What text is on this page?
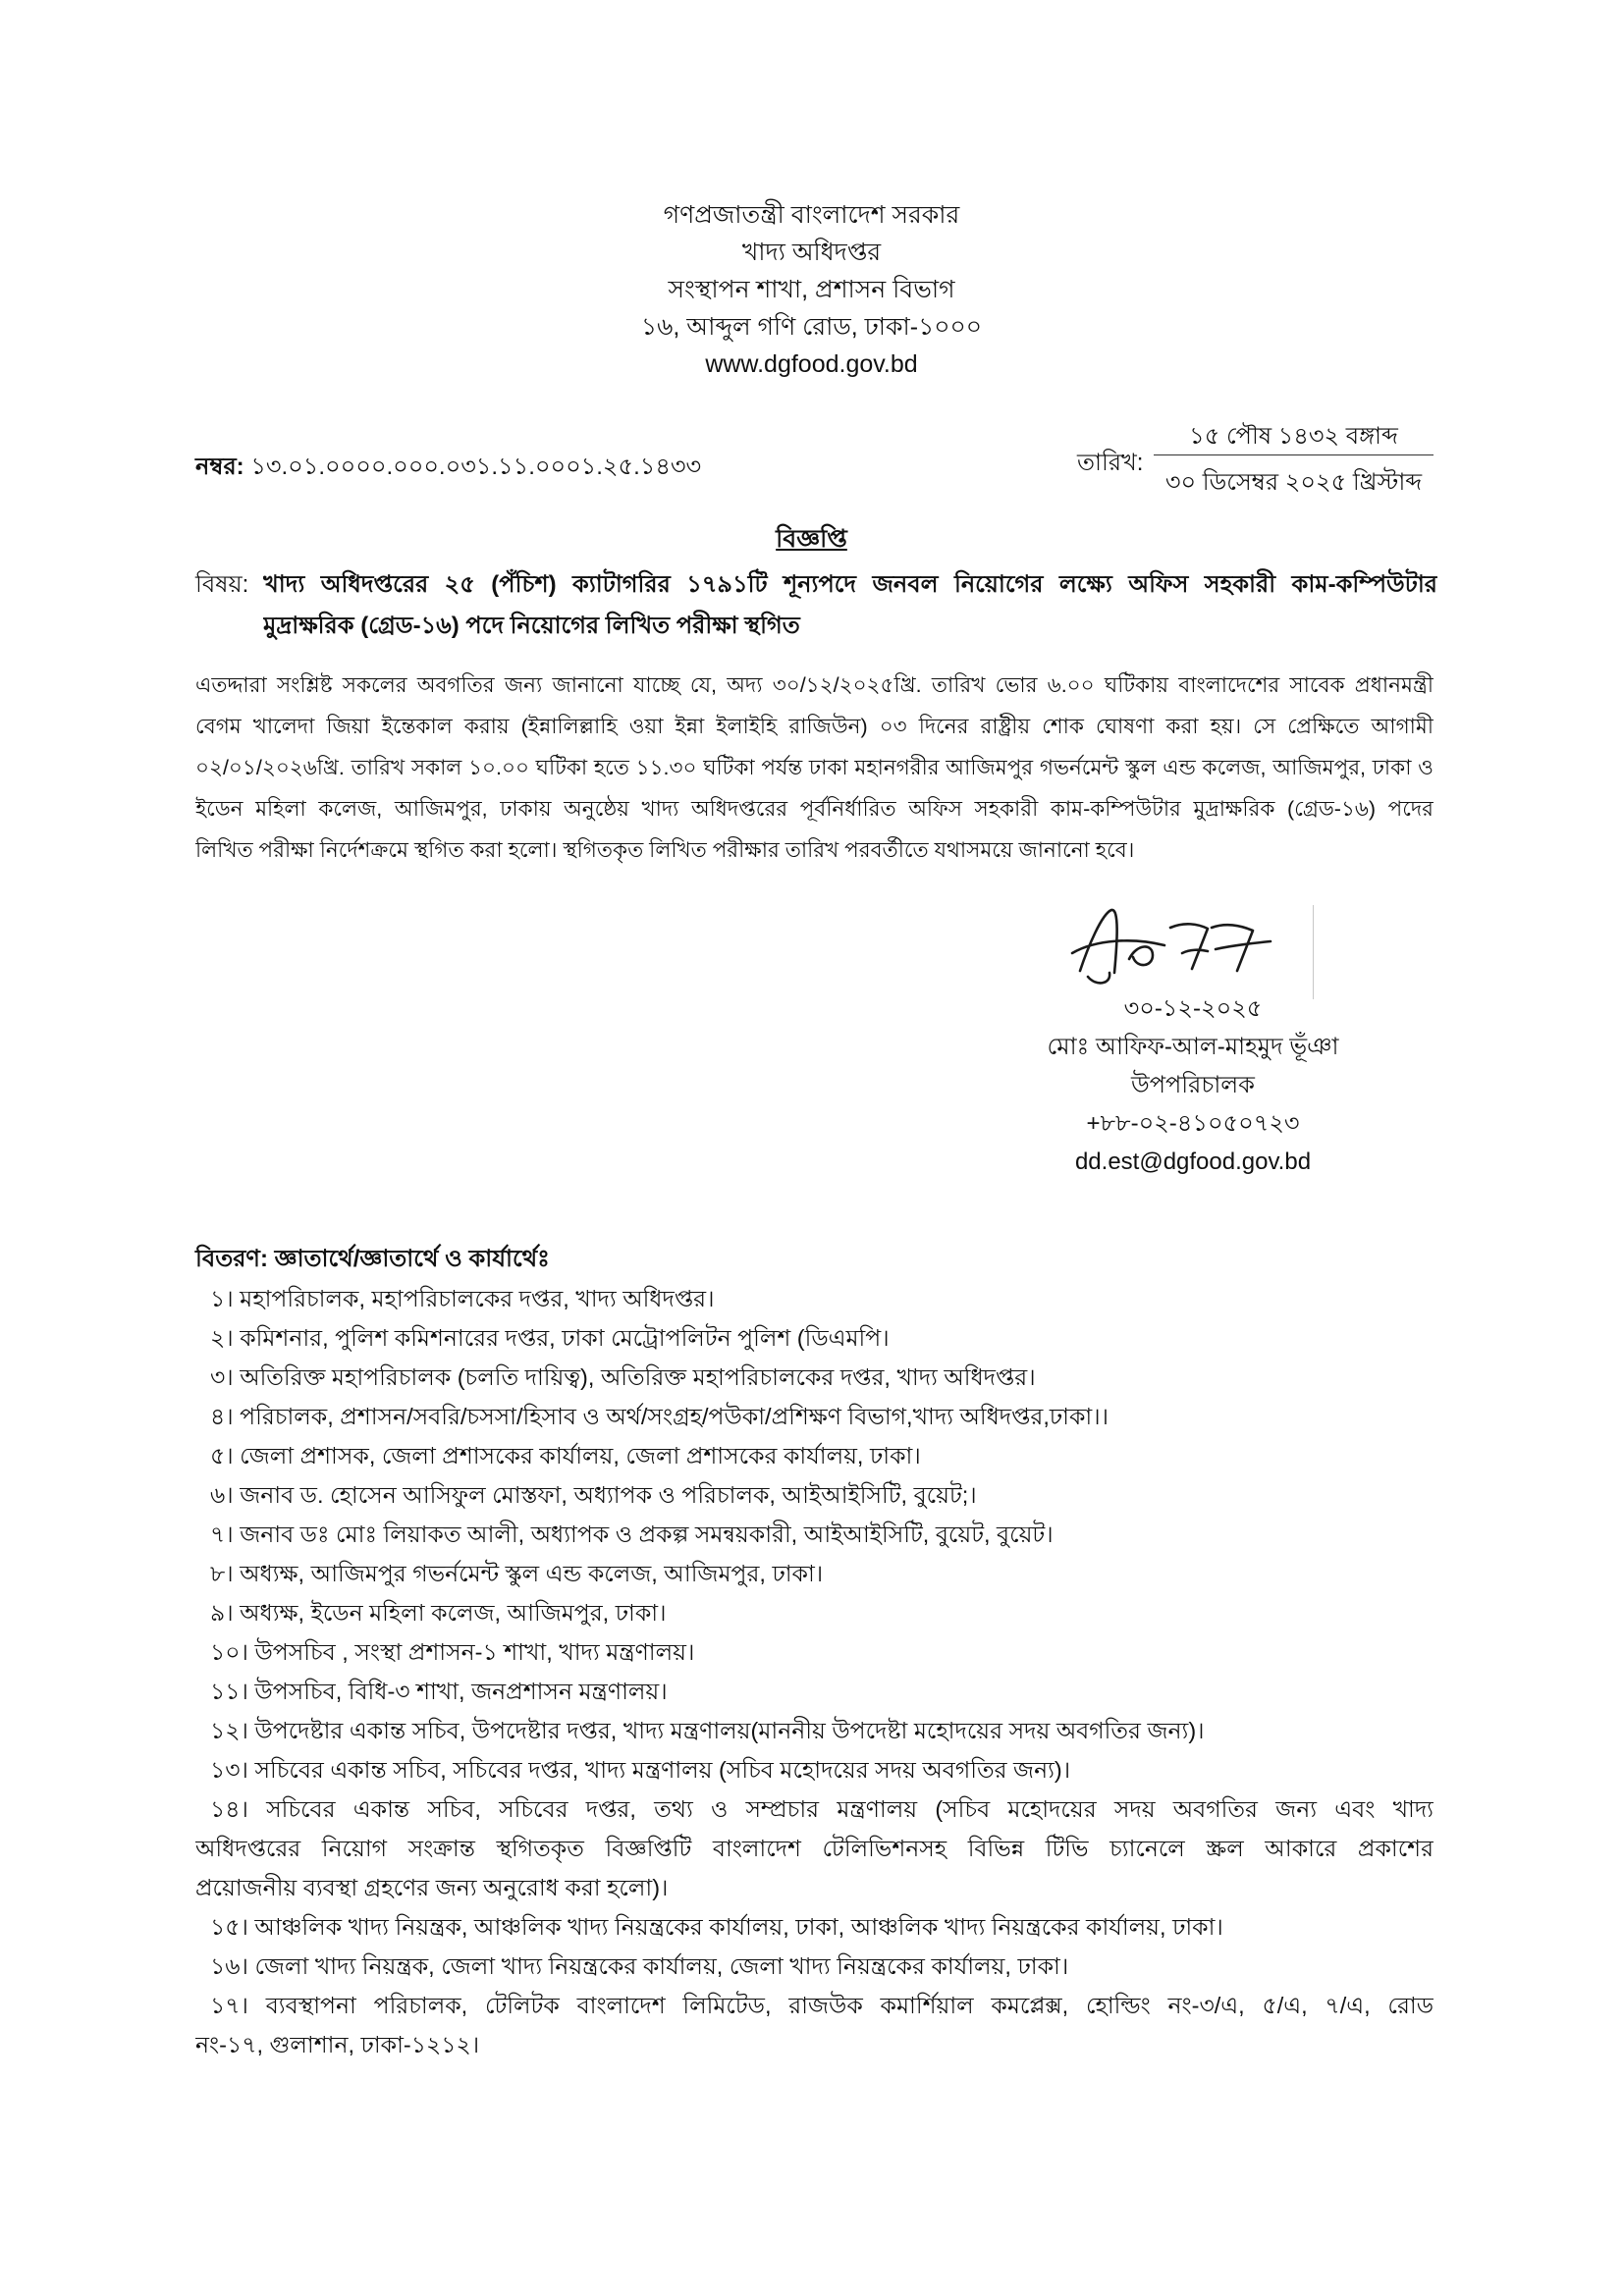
গণপ্রজাতন্ত্রী বাংলাদেশ সরকার
খাদ্য অধিদপ্তর
সংস্থাপন শাখা, প্রশাসন বিভাগ
১৬, আব্দুল গণি রোড, ঢাকা-১০০০
www.dgfood.gov.bd
নম্বর: ১৩.০১.০০০০.০০০.০৩১.১১.০০০১.২৫.১৪৩৩	তারিখ:
১৫ পৌষ ১৪৩২ বঙ্গাব্দ
৩০ ডিসেম্বর ২০২৫ খ্রিস্টাব্দ
বিজ্ঞপ্তি
বিষয়: খাদ্য অধিদপ্তরের ২৫ (পঁচিশ) ক্যাটাগরির ১৭৯১টি শূন্যপদে জনবল নিয়োগের লক্ষ্যে অফিস সহকারী কাম-কম্পিউটার
মুদ্রাক্ষরিক (গ্রেড-১৬) পদে নিয়োগের লিখিত পরীক্ষা স্থগিত
এতদ্দারা সংশ্লিষ্ট সকলের অবগতির জন্য জানানো যাচ্ছে যে, অদ্য ৩০/১২/২০২৫খ্রি. তারিখ ভোর ৬.০০ ঘটিকায় বাংলাদেশের সাবেক প্রধানমন্ত্রী
বেগম খালেদা জিয়া ইন্তেকাল করায় (ইন্নালিল্লাহি ওয়া ইন্না ইলাইহি রাজিউন) ০৩ দিনের রাষ্ট্রীয় শোক ঘোষণা করা হয়। সে প্রেক্ষিতে আগামী
০২/০১/২০২৬খ্রি. তারিখ সকাল ১০.০০ ঘটিকা হতে ১১.৩০ ঘটিকা পর্যন্ত ঢাকা মহানগরীর আজিমপুর গভর্নমেন্ট স্কুল এন্ড কলেজ, আজিমপুর, ঢাকা ও
ইডেন মহিলা কলেজ, আজিমপুর, ঢাকায় অনুষ্ঠেয় খাদ্য অধিদপ্তরের পূর্বনির্ধারিত অফিস সহকারী কাম-কম্পিউটার মুদ্রাক্ষরিক (গ্রেড-১৬) পদের
লিখিত পরীক্ষা নির্দেশক্রমে স্থগিত করা হলো। স্থগিতকৃত লিখিত পরীক্ষার তারিখ পরবর্তীতে যথাসময়ে জানানো হবে।
৩০-১২-২০২৫
মোঃ আফিফ-আল-মাহমুদ ভূঁঞা
উপপরিচালক
+৮৮-০২-৪১০৫০৭২৩
dd.est@dgfood.gov.bd
বিতরণ: জ্ঞাতার্থে/জ্ঞাতার্থে ও কার্যার্থেঃ
১। মহাপরিচালক, মহাপরিচালকের দপ্তর, খাদ্য অধিদপ্তর।
২। কমিশনার, পুলিশ কমিশনারের দপ্তর, ঢাকা মেট্রোপলিটন পুলিশ (ডিএমপি।
৩। অতিরিক্ত মহাপরিচালক (চলতি দায়িত্ব), অতিরিক্ত মহাপরিচালকের দপ্তর, খাদ্য অধিদপ্তর।
৪। পরিচালক, প্রশাসন/সবরি/চসসা/হিসাব ও অর্থ/সংগ্রহ/পউকা/প্রশিক্ষণ বিভাগ,খাদ্য অধিদপ্তর,ঢাকা।।
৫। জেলা প্রশাসক, জেলা প্রশাসকের কার্যালয়, জেলা প্রশাসকের কার্যালয়, ঢাকা।
৬। জনাব ড. হোসেন আসিফুল মোস্তফা, অধ্যাপক ও পরিচালক, আইআইসিটি, বুয়েট;।
৭। জনাব ডঃ মোঃ লিয়াকত আলী, অধ্যাপক ও প্রকল্প সমন্বয়কারী, আইআইসিটি, বুয়েট, বুয়েট।
৮। অধ্যক্ষ, আজিমপুর গভর্নমেন্ট স্কুল এন্ড কলেজ, আজিমপুর, ঢাকা।
৯। অধ্যক্ষ, ইডেন মহিলা কলেজ, আজিমপুর, ঢাকা।
১০। উপসচিব , সংস্থা প্রশাসন-১ শাখা, খাদ্য মন্ত্রণালয়।
১১। উপসচিব, বিধি-৩ শাখা, জনপ্রশাসন মন্ত্রণালয়।
১২। উপদেষ্টার একান্ত সচিব, উপদেষ্টার দপ্তর, খাদ্য মন্ত্রণালয়(মাননীয় উপদেষ্টা মহোদয়ের সদয় অবগতির জন্য)।
১৩। সচিবের একান্ত সচিব, সচিবের দপ্তর, খাদ্য মন্ত্রণালয় (সচিব মহোদয়ের সদয় অবগতির জন্য)।
১৪। সচিবের একান্ত সচিব, সচিবের দপ্তর, তথ্য ও সম্প্রচার মন্ত্রণালয় (সচিব মহোদয়ের সদয় অবগতির জন্য এবং খাদ্য
অধিদপ্তরের নিয়োগ সংক্রান্ত স্থগিতকৃত বিজ্ঞপ্তিটি বাংলাদেশ টেলিভিশনসহ বিভিন্ন টিভি চ্যানেলে স্ক্রল আকারে প্রকাশের
প্রয়োজনীয় ব্যবস্থা গ্রহণের জন্য অনুরোধ করা হলো)।
১৫। আঞ্চলিক খাদ্য নিয়ন্ত্রক, আঞ্চলিক খাদ্য নিয়ন্ত্রকের কার্যালয়, ঢাকা, আঞ্চলিক খাদ্য নিয়ন্ত্রকের কার্যালয়, ঢাকা।
১৬। জেলা খাদ্য নিয়ন্ত্রক, জেলা খাদ্য নিয়ন্ত্রকের কার্যালয়, জেলা খাদ্য নিয়ন্ত্রকের কার্যালয়, ঢাকা।
১৭। ব্যবস্থাপনা পরিচালক, টেলিটক বাংলাদেশ লিমিটেড, রাজউক কমার্শিয়াল কমপ্লেক্স, হোল্ডিং নং-৩/এ, ৫/এ, ৭/এ, রোড
নং-১৭, গুলাশান, ঢাকা-১২১২।
